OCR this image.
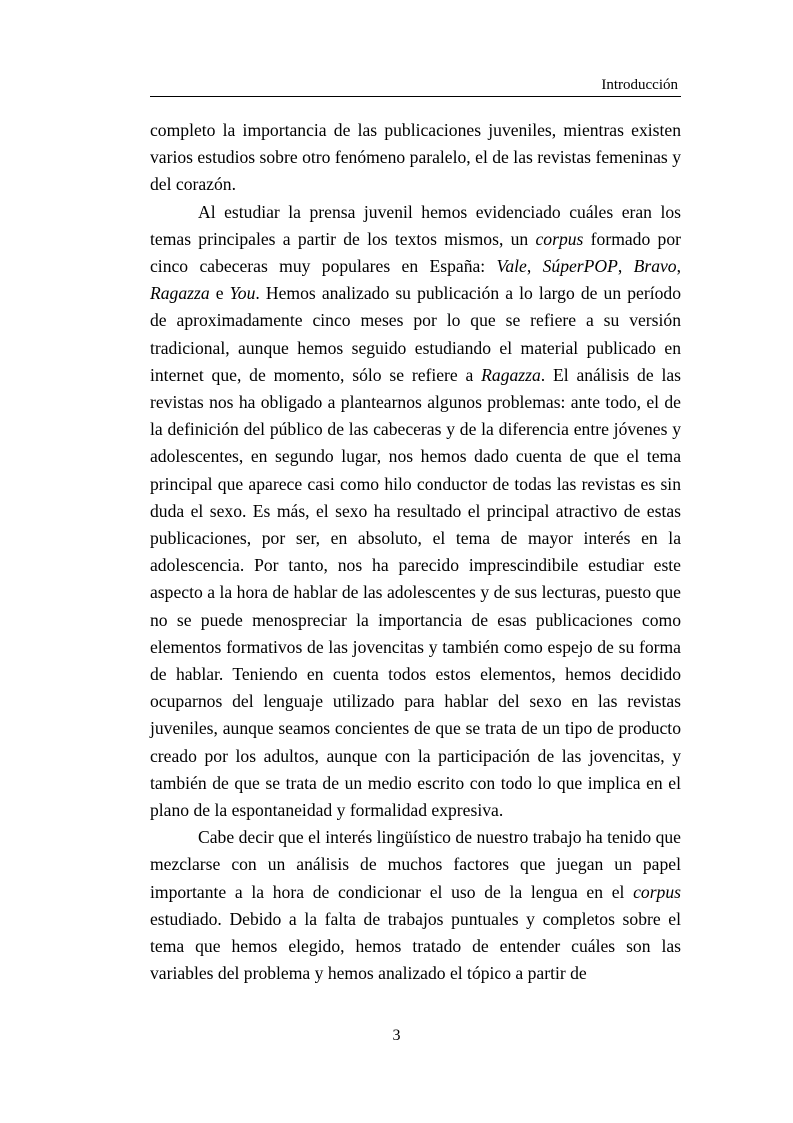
Introducción

completo la importancia de las publicaciones juveniles, mientras existen varios estudios sobre otro fenómeno paralelo, el de las revistas femeninas y del corazón.

Al estudiar la prensa juvenil hemos evidenciado cuáles eran los temas principales a partir de los textos mismos, un corpus formado por cinco cabeceras muy populares en España: Vale, SúperPOP, Bravo, Ragazza e You. Hemos analizado su publicación a lo largo de un período de aproximadamente cinco meses por lo que se refiere a su versión tradicional, aunque hemos seguido estudiando el material publicado en internet que, de momento, sólo se refiere a Ragazza. El análisis de las revistas nos ha obligado a plantearnos algunos problemas: ante todo, el de la definición del público de las cabeceras y de la diferencia entre jóvenes y adolescentes, en segundo lugar, nos hemos dado cuenta de que el tema principal que aparece casi como hilo conductor de todas las revistas es sin duda el sexo. Es más, el sexo ha resultado el principal atractivo de estas publicaciones, por ser, en absoluto, el tema de mayor interés en la adolescencia. Por tanto, nos ha parecido imprescindibile estudiar este aspecto a la hora de hablar de las adolescentes y de sus lecturas, puesto que no se puede menospreciar la importancia de esas publicaciones como elementos formativos de las jovencitas y también como espejo de su forma de hablar. Teniendo en cuenta todos estos elementos, hemos decidido ocuparnos del lenguaje utilizado para hablar del sexo en las revistas juveniles, aunque seamos concientes de que se trata de un tipo de producto creado por los adultos, aunque con la participación de las jovencitas, y también de que se trata de un medio escrito con todo lo que implica en el plano de la espontaneidad y formalidad expresiva.

Cabe decir que el interés lingüístico de nuestro trabajo ha tenido que mezclarse con un análisis de muchos factores que juegan un papel importante a la hora de condicionar el uso de la lengua en el corpus estudiado. Debido a la falta de trabajos puntuales y completos sobre el tema que hemos elegido, hemos tratado de entender cuáles son las variables del problema y hemos analizado el tópico a partir de

3
